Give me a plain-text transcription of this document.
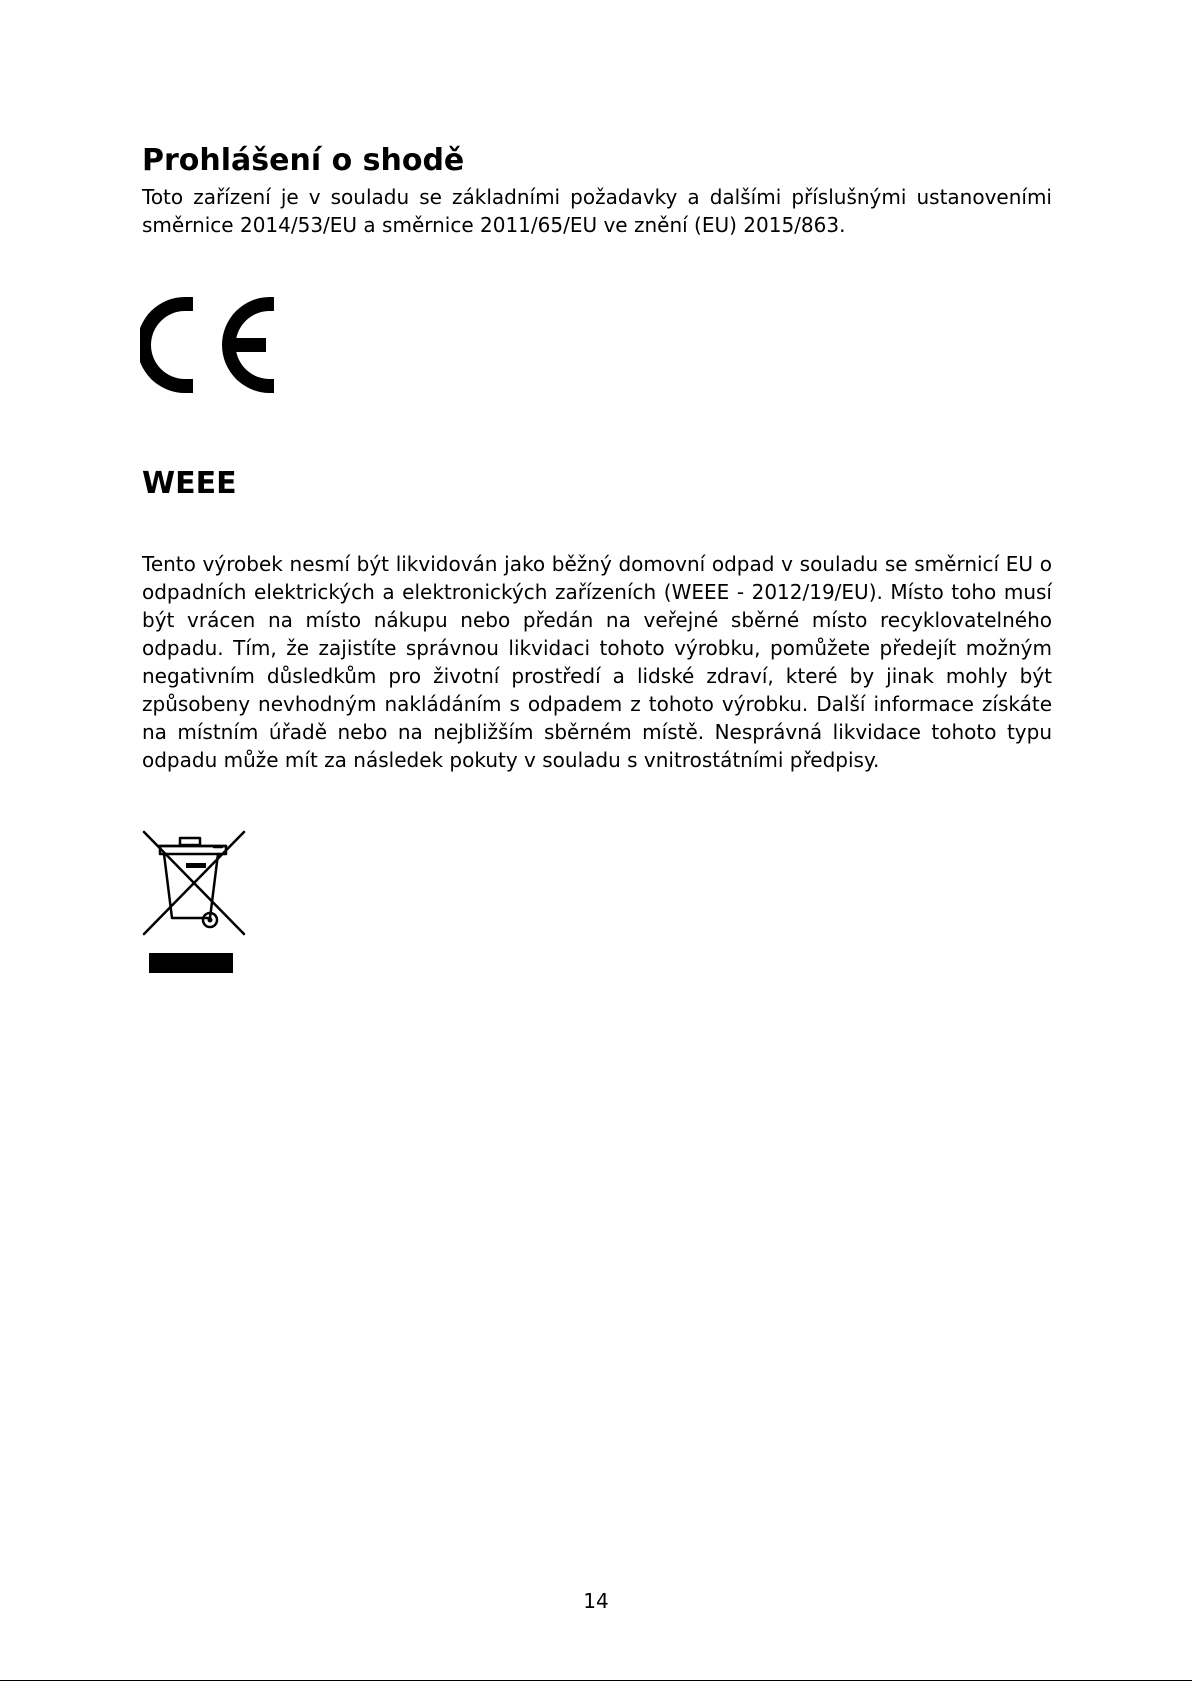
Prohlášení o shodě

Toto zařízení je v souladu se základními požadavky a dalšími příslušnými ustanoveními směrnice 2014/53/EU a směrnice 2011/65/EU ve znění (EU) 2015/863.

WEEE

Tento výrobek nesmí být likvidován jako běžný domovní odpad v souladu se směrnicí EU o odpadních elektrických a elektronických zařízeních (WEEE - 2012/19/EU). Místo toho musí být vrácen na místo nákupu nebo předán na veřejné sběrné místo recyklovatelného odpadu. Tím, že zajistíte správnou likvidaci tohoto výrobku, pomůžete předejít možným negativním důsledkům pro životní prostředí a lidské zdraví, které by jinak mohly být způsobeny nevhodným nakládáním s odpadem z tohoto výrobku. Další informace získáte na místním úřadě nebo na nejbližším sběrném místě. Nesprávná likvidace tohoto typu odpadu může mít za následek pokuty v souladu s vnitrostátními předpisy.

14
